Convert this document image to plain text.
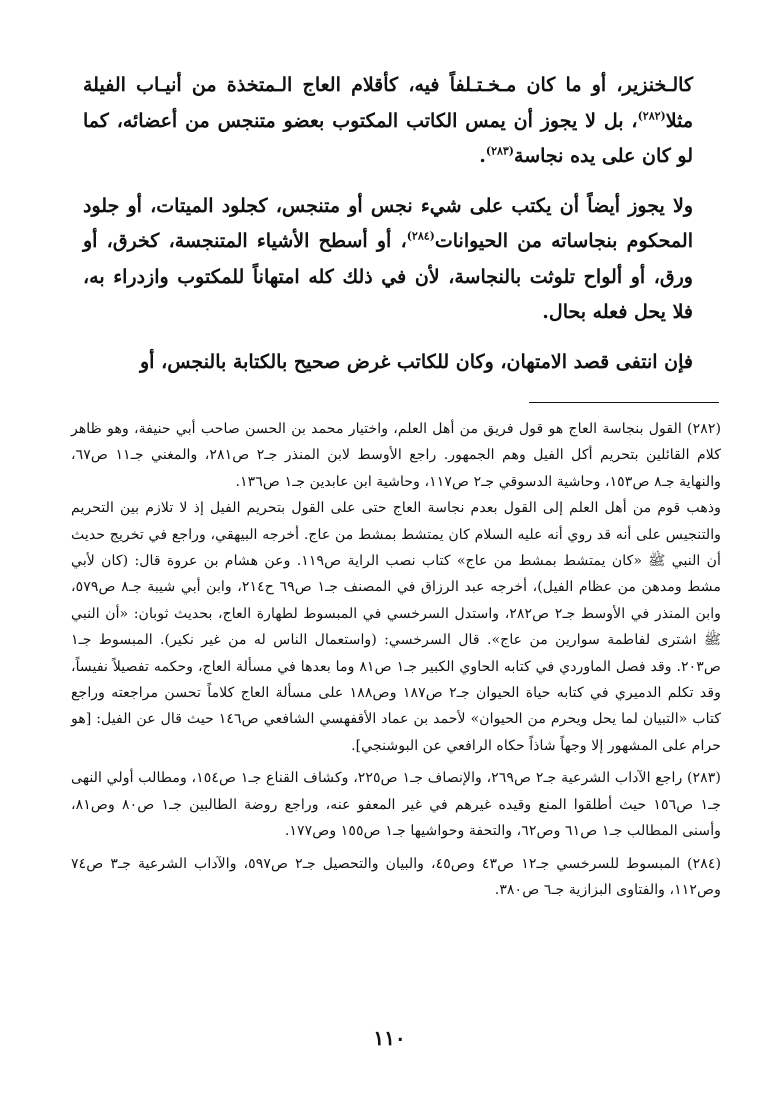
كالـخنزير، أو ما كان مـخـتـلفاً فيه، كأقلام العاج الـمتخذة من أنيـاب الفيلة مثلا$^{(٢٨٢)}$، بل لا يجوز أن يمس الكاتب المكتوب بعضو متنجس من أعضائه، كما لو كان على يده نجاسة$^{(٢٨٣)}$.

ولا يجوز أيضاً أن يكتب على شيء نجس أو متنجس، كجلود الميتات، أو جلود المحكوم بنجاساته من الحيوانات$^{(٢٨٤)}$، أو أسطح الأشياء المتنجسة، كخرق، أو ورق، أو ألواح تلوثت بالنجاسة، لأن في ذلك كله امتهاناً للمكتوب وازدراء به، فلا يحل فعله بحال.

فإن انتفى قصد الامتهان، وكان للكاتب غرض صحيح بالكتابة بالنجس، أو

(٢٨٢) القول بنجاسة العاج هو قول فريق من أهل العلم، واختيار محمد بن الحسن صاحب أبي حنيفة، وهو ظاهر كلام القائلين بتحريم أكل الفيل وهم الجمهور. راجع الأوسط لابن المنذر جـ٢ ص٢٨١، والمغني جـ١١ ص٦٧، والنهاية جـ٨ ص١٥٣، وحاشية الدسوقي جـ٢ ص١١٧، وحاشية ابن عابدين جـ١ ص١٣٦.

وذهب قوم من أهل العلم إلى القول بعدم نجاسة العاج حتى على القول بتحريم الفيل إذ لا تلازم بين التحريم والتنجيس على أنه قد روي أنه عليه السلام كان يمتشط بمشط من عاج. أخرجه البيهقي، وراجع في تخريج حديث أن النبي ﷺ «كان يمتشط بمشط من عاج» كتاب نصب الراية ص١١٩. وعن هشام بن عروة قال: (كان لأبي مشط ومدهن من عظام الفيل)، أخرجه عبد الرزاق في المصنف جـ١ ص٦٩ ح٢١٤، وابن أبي شيبة جـ٨ ص٥٧٩، وابن المنذر في الأوسط جـ٢ ص٢٨٢، واستدل السرخسي في المبسوط لطهارة العاج، بحديث ثوبان: «أن النبي ﷺ اشترى لفاطمة سوارين من عاج». قال السرخسي: (واستعمال الناس له من غير نكير). المبسوط جـ١ ص٢٠٣. وقد فصل الماوردي في كتابه الحاوي الكبير جـ١ ص٨١ وما بعدها في مسألة العاج، وحكمه تفصيلاً نفيساً، وقد تكلم الدميري في كتابه حياة الحيوان جـ٢ ص١٨٧ وص١٨٨ على مسألة العاج كلاماً تحسن مراجعته وراجع كتاب «التبيان لما يحل ويحرم من الحيوان» لأحمد بن عماد الأقفهسي الشافعي ص١٤٦ حيث قال عن الفيل: [هو حرام على المشهور إلا وجهاً شاذاً حكاه الرافعي عن البوشنجي].

(٢٨٣) راجع الآداب الشرعية جـ٢ ص٢٦٩، والإنصاف جـ١ ص٢٢٥، وكشاف القناع جـ١ ص١٥٤، ومطالب أولي النهى جـ١ ص١٥٦ حيث أطلقوا المنع وقيده غيرهم في غير المعفو عنه، وراجع روضة الطالبين جـ١ ص٨٠ وص٨١، وأسنى المطالب جـ١ ص٦١ وص٦٢، والتحفة وحواشيها جـ١ ص١٥٥ وص١٧٧.

(٢٨٤) المبسوط للسرخسي جـ١٢ ص٤٣ وص٤٥، والبيان والتحصيل جـ٢ ص٥٩٧، والآداب الشرعية جـ٣ ص٧٤ وص١١٢، والفتاوى البزازية جـ٦ ص٣٨٠.

١١٠
